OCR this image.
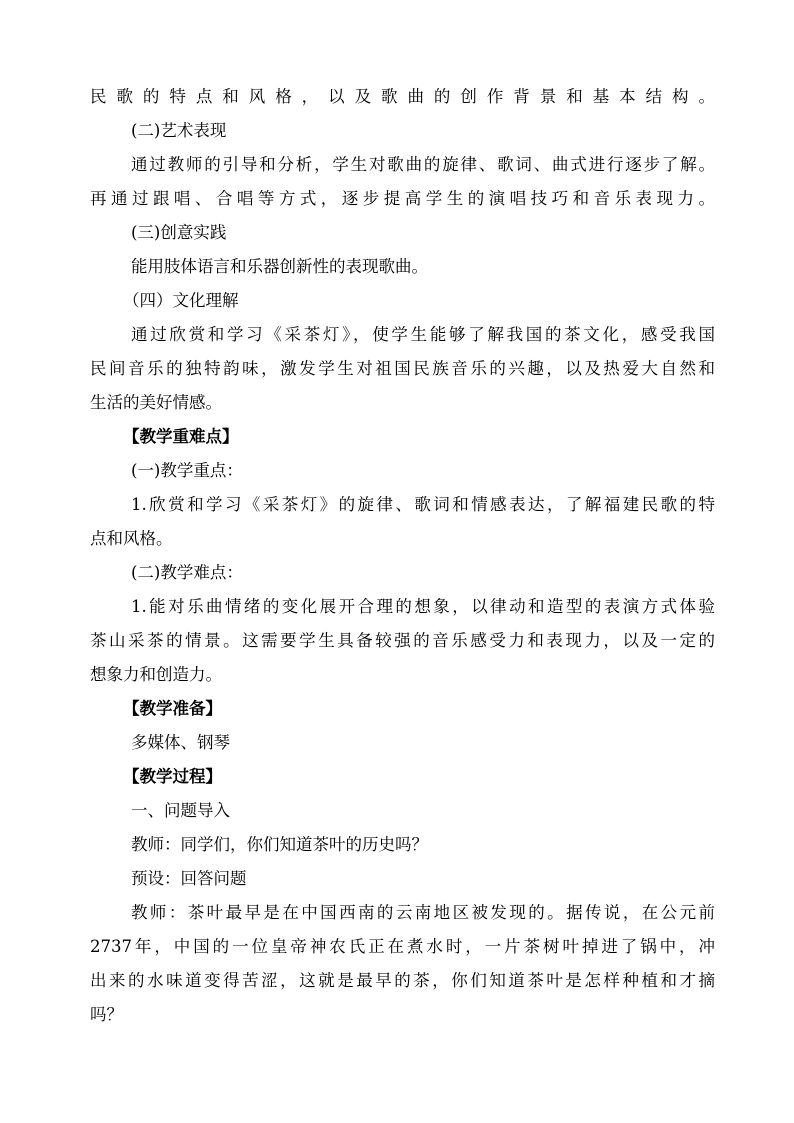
民歌的特点和风格，以及歌曲的创作背景和基本结构。
(二)艺术表现
通过教师的引导和分析，学生对歌曲的旋律、歌词、曲式进行逐步了解。
再通过跟唱、合唱等方式，逐步提高学生的演唱技巧和音乐表现力。
(三)创意实践
能用肢体语言和乐器创新性的表现歌曲。
（四）文化理解
通过欣赏和学习《采茶灯》，使学生能够了解我国的茶文化，感受我国
民间音乐的独特韵味，激发学生对祖国民族音乐的兴趣，以及热爱大自然和
生活的美好情感。
【教学重难点】
(一)教学重点：
1.欣赏和学习《采茶灯》的旋律、歌词和情感表达，了解福建民歌的特
点和风格。
(二)教学难点：
1.能对乐曲情绪的变化展开合理的想象，以律动和造型的表演方式体验
茶山采茶的情景。这需要学生具备较强的音乐感受力和表现力，以及一定的
想象力和创造力。
【教学准备】
多媒体、钢琴
【教学过程】
一、问题导入
教师：同学们，你们知道茶叶的历史吗？
预设：回答问题
教师：茶叶最早是在中国西南的云南地区被发现的。据传说，在公元前
2737年，中国的一位皇帝神农氏正在煮水时，一片茶树叶掉进了锅中，冲
出来的水味道变得苦涩，这就是最早的茶，你们知道茶叶是怎样种植和才摘
吗？
